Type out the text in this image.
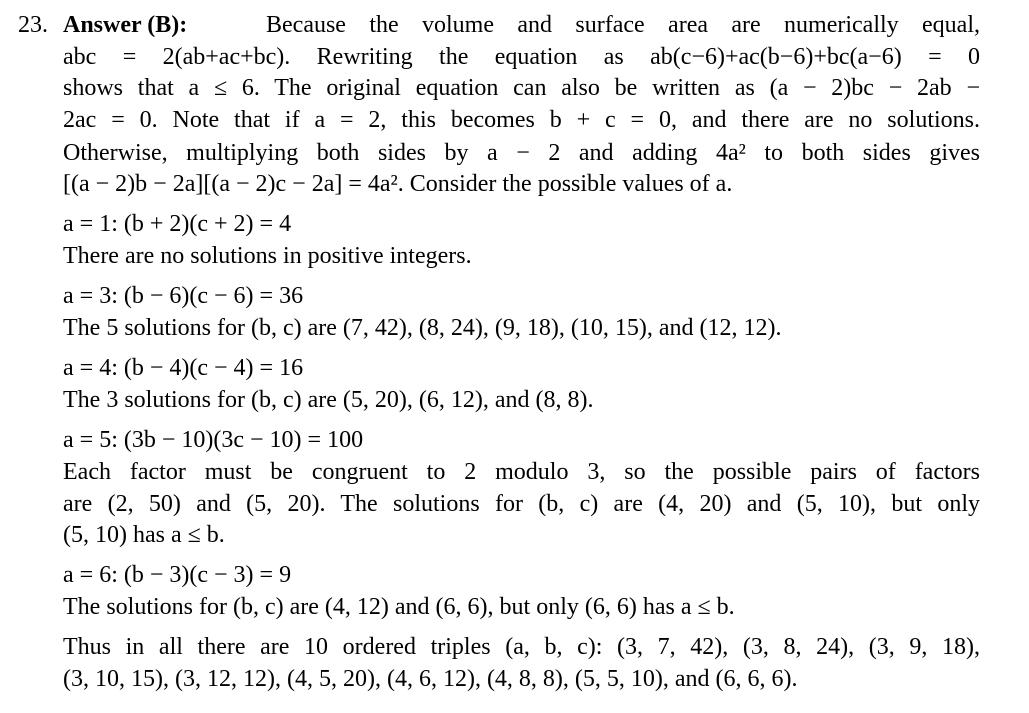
23. Answer (B):	Because the volume and surface area are numerically equal,
abc = 2(ab+ac+bc). Rewriting the equation as ab(c−6)+ac(b−6)+bc(a−6) = 0
shows that a ≤ 6. The original equation can also be written as (a − 2)bc − 2ab −
2ac = 0. Note that if a = 2, this becomes b + c = 0, and there are no solutions.
Otherwise, multiplying both sides by a − 2 and adding 4a² to both sides gives
[(a − 2)b − 2a][(a − 2)c − 2a] = 4a². Consider the possible values of a.
a = 1: (b + 2)(c + 2) = 4
There are no solutions in positive integers.
a = 3: (b − 6)(c − 6) = 36
The 5 solutions for (b, c) are (7, 42), (8, 24), (9, 18), (10, 15), and (12, 12).
a = 4: (b − 4)(c − 4) = 16
The 3 solutions for (b, c) are (5, 20), (6, 12), and (8, 8).
a = 5: (3b − 10)(3c − 10) = 100
Each factor must be congruent to 2 modulo 3, so the possible pairs of factors
are (2, 50) and (5, 20). The solutions for (b, c) are (4, 20) and (5, 10), but only
(5, 10) has a ≤ b.
a = 6: (b − 3)(c − 3) = 9
The solutions for (b, c) are (4, 12) and (6, 6), but only (6, 6) has a ≤ b.
Thus in all there are 10 ordered triples (a, b, c): (3, 7, 42), (3, 8, 24), (3, 9, 18),
(3, 10, 15), (3, 12, 12), (4, 5, 20), (4, 6, 12), (4, 8, 8), (5, 5, 10), and (6, 6, 6).
